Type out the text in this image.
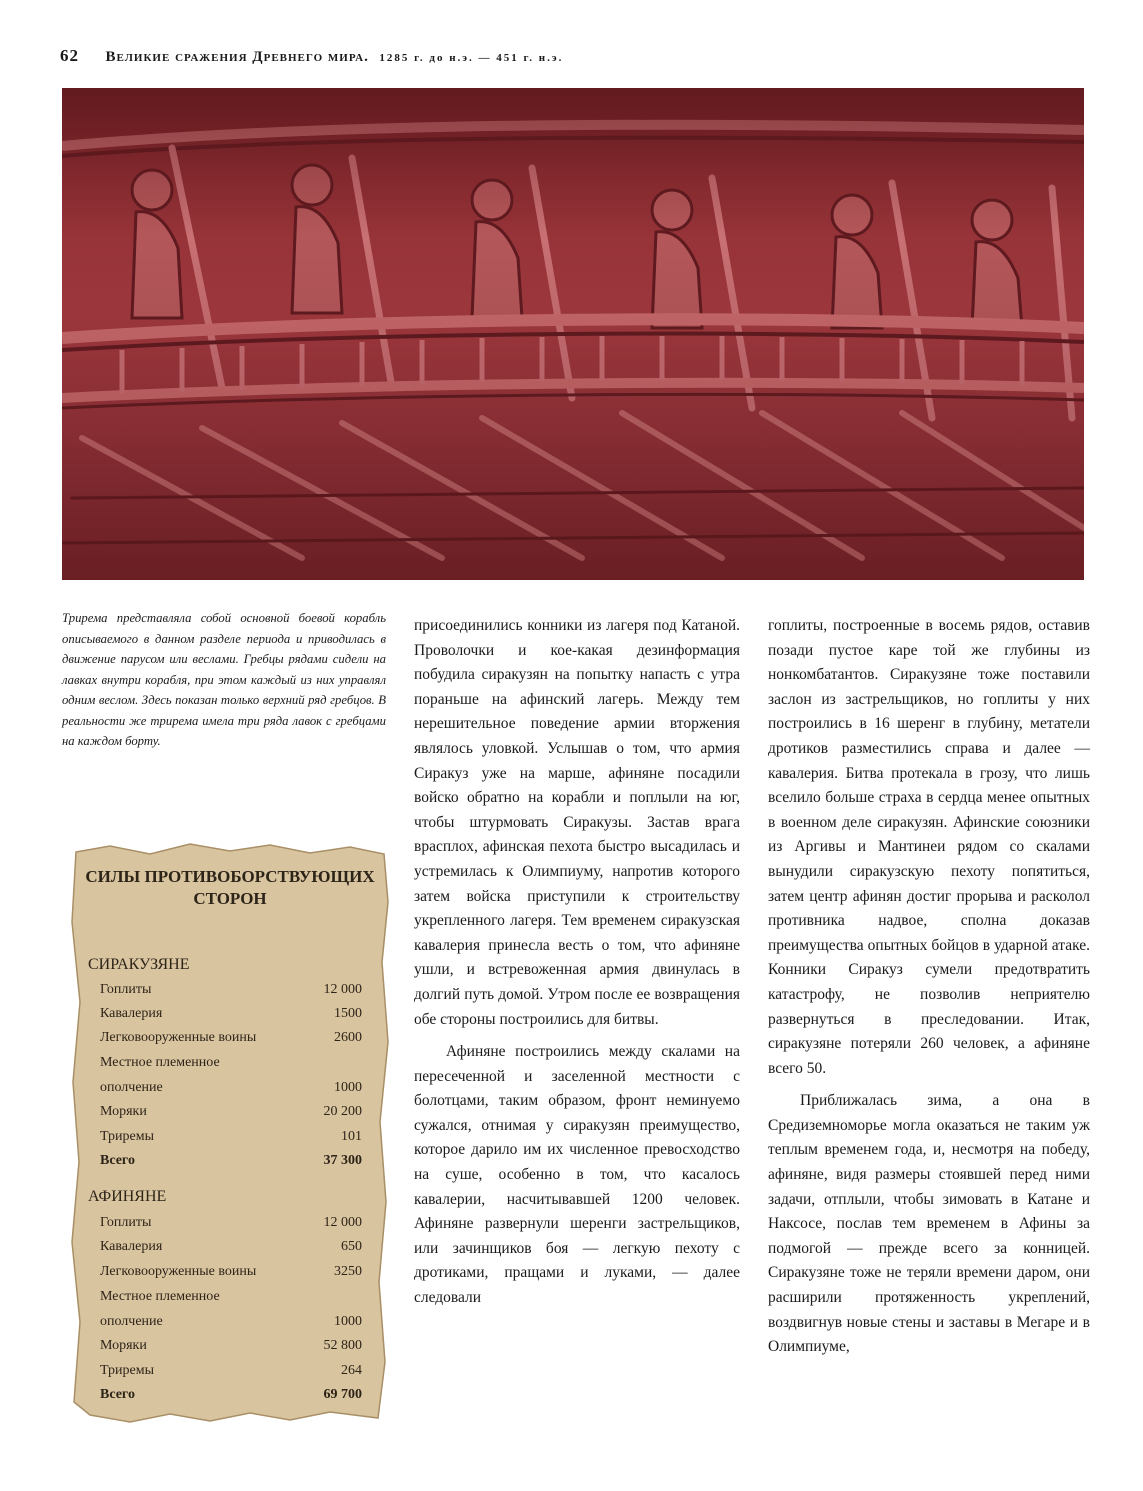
62 Великие сражения Древнего мира. 1285 г. до н.э. — 451 г. н.э.
Трирема представляла собой основной боевой корабль описываемого в данном разделе периода и приводилась в движение парусом или веслами. Гребцы рядами сидели на лавках внутри корабля, при этом каждый из них управлял одним веслом. Здесь показан только верхний ряд гребцов. В реальности же трирема имела три ряда лавок с гребцами на каждом борту.
СИЛЫ ПРОТИВОБОРСТВУЮЩИХ СТОРОН
СИРАКУЗЯНЕ
Гоплиты	12 000
Кавалерия	1500
Легковооруженные воины	2600
Местное племенное
ополчение	1000
Моряки	20 200
Триремы	101
Всего	37 300
АФИНЯНЕ
Гоплиты	12 000
Кавалерия	650
Легковооруженные воины	3250
Местное племенное
ополчение	1000
Моряки	52 800
Триремы	264
Всего	69 700

присоединились конники из лагеря под Катаной. Проволочки и кое-какая дезинформация побудила сиракузян на попытку напасть с утра пораньше на афинский лагерь. Между тем нерешительное поведение армии вторжения являлось уловкой. Услышав о том, что армия Сиракуз уже на марше, афиняне посадили войско обратно на корабли и поплыли на юг, чтобы штурмовать Сиракузы. Застав врага врасплох, афинская пехота быстро высадилась и устремилась к Олимпиуму, напротив которого затем войска приступили к строительству укрепленного лагеря. Тем временем сиракузская кавалерия принесла весть о том, что афиняне ушли, и встревоженная армия двинулась в долгий путь домой. Утром после ее возвращения обе стороны построились для битвы.

Афиняне построились между скалами на пересеченной и заселенной местности с болотцами, таким образом, фронт неминуемо сужался, отнимая у сиракузян преимущество, которое дарило им их численное превосходство на суше, особенно в том, что касалось кавалерии, насчитывавшей 1200 человек. Афиняне развернули шеренги застрельщиков, или зачинщиков боя — легкую пехоту с дротиками, пращами и луками, — далее следовали

гоплиты, построенные в восемь рядов, оставив позади пустое каре той же глубины из нонкомбатантов. Сиракузяне тоже поставили заслон из застрельщиков, но гоплиты у них построились в 16 шеренг в глубину, метатели дротиков разместились справа и далее — кавалерия. Битва протекала в грозу, что лишь вселило больше страха в сердца менее опытных в военном деле сиракузян. Афинские союзники из Аргивы и Мантинеи рядом со скалами вынудили сиракузскую пехоту попятиться, затем центр афинян достиг прорыва и расколол противника надвое, сполна доказав преимущества опытных бойцов в ударной атаке. Конники Сиракуз сумели предотвратить катастрофу, не позволив неприятелю развернуться в преследовании. Итак, сиракузяне потеряли 260 человек, а афиняне всего 50.

Приближалась зима, а она в Средиземноморье могла оказаться не таким уж теплым временем года, и, несмотря на победу, афиняне, видя размеры стоявшей перед ними задачи, отплыли, чтобы зимовать в Катане и Наксосе, послав тем временем в Афины за подмогой — прежде всего за конницей. Сиракузяне тоже не теряли времени даром, они расширили протяженность укреплений, воздвигнув новые стены и заставы в Мегаре и в Олимпиуме,
